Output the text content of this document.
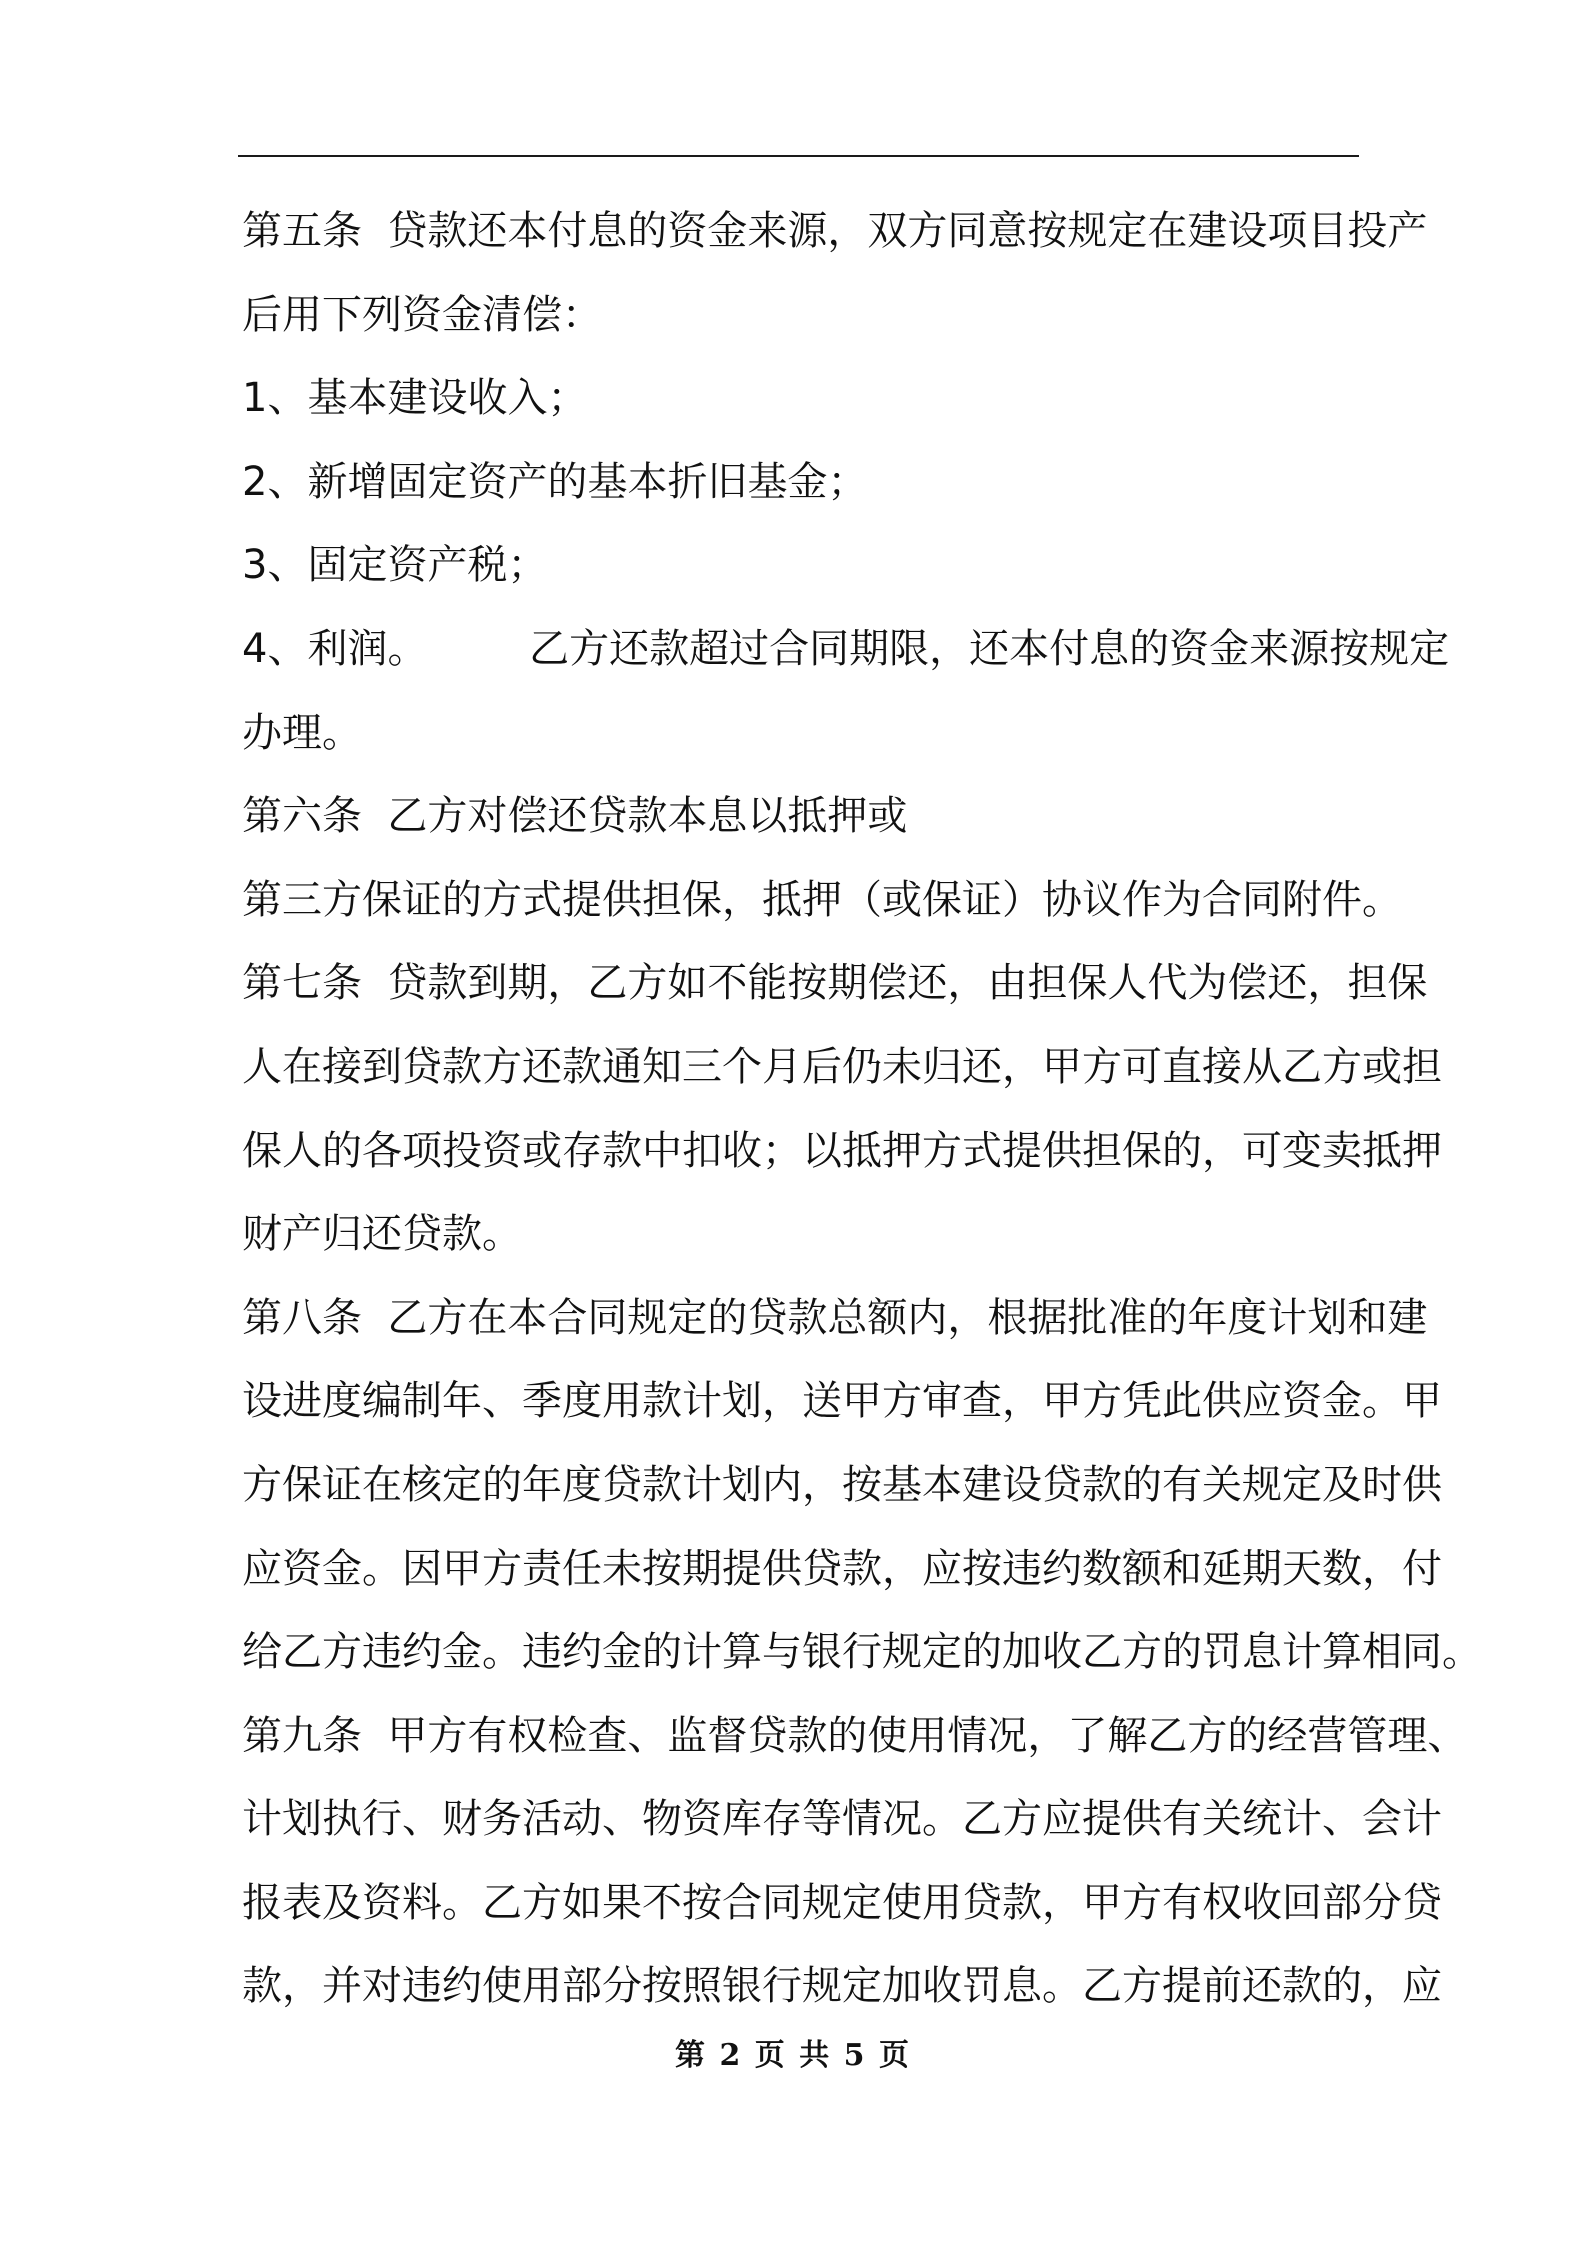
第五条  贷款还本付息的资金来源，双方同意按规定在建设项目投产
后用下列资金清偿：
1、基本建设收入；
2、新增固定资产的基本折旧基金；
3、固定资产税；
4、利润。        乙方还款超过合同期限，还本付息的资金来源按规定
办理。
第六条  乙方对偿还贷款本息以抵押或
第三方保证的方式提供担保，抵押（或保证）协议作为合同附件。
第七条  贷款到期，乙方如不能按期偿还，由担保人代为偿还，担保
人在接到贷款方还款通知三个月后仍未归还，甲方可直接从乙方或担
保人的各项投资或存款中扣收；以抵押方式提供担保的，可变卖抵押
财产归还贷款。
第八条  乙方在本合同规定的贷款总额内，根据批准的年度计划和建
设进度编制年、季度用款计划，送甲方审查，甲方凭此供应资金。甲
方保证在核定的年度贷款计划内，按基本建设贷款的有关规定及时供
应资金。因甲方责任未按期提供贷款，应按违约数额和延期天数，付
给乙方违约金。违约金的计算与银行规定的加收乙方的罚息计算相同。
第九条  甲方有权检查、监督贷款的使用情况，了解乙方的经营管理、
计划执行、财务活动、物资库存等情况。乙方应提供有关统计、会计
报表及资料。乙方如果不按合同规定使用贷款，甲方有权收回部分贷
款，并对违约使用部分按照银行规定加收罚息。乙方提前还款的，应
第 2 页 共 5 页
